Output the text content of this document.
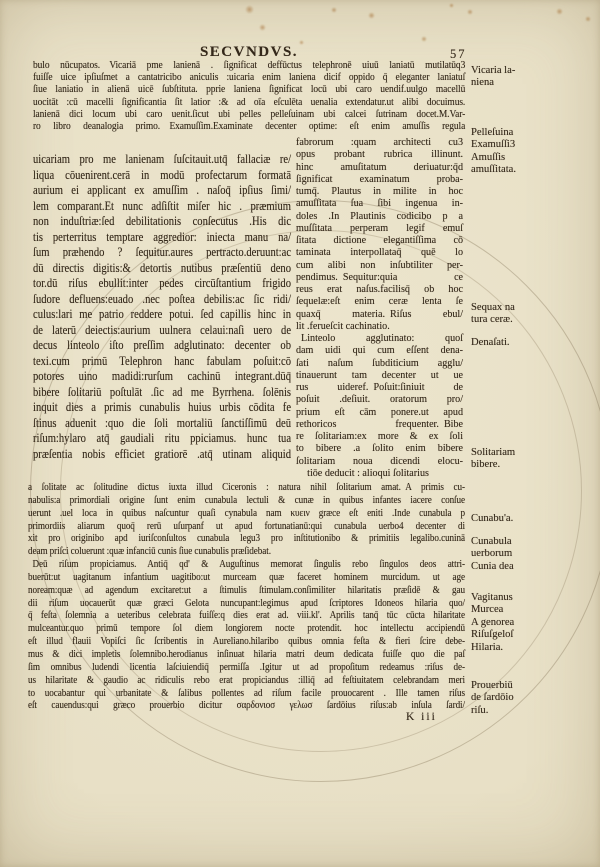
SECVNDVS.	57
bulo nūcupatos. Vicariā pme lanienā . ſignificat deffūctus telephronē uiuū laniatū mutilatūq3
fuiſſe uice ipſiuſmet a cantatricibo aniculis :uicaria enim laniena dicif oppido q̄ eleganter laniatuſ
ſiue laniatio in alienā uicē ſubſtituta. pprie laniena ſignificat locū ubi caro uendif.uulgo macellū
uocitāt :cū macelli ſignificantia ſit latior :& ad oīa eſculēta uenalia extendatur.ut alibi docuimus.
lanienā dici locum ubi caro uenit.ſicut ubi pelles pelleſuinam ubi calcei ſutrinam docet.M.Var-
ro libro deanalogia primo. Examuſſim.Examinate decenter optime: eſt enim amuſſis regula
uicariam pro me lanienam ſuſcitauit.utq̄ fallaciæ re/
liqua cōuenirent.cerā in modū profectarum formatā
aurium ei applicant ex amuſſim . naſoq̄ ipſius ſimi/
lem comparant.Et nunc adſiſtit miſer hic . præmium
non induſtriæ:ſed debilitationis conſecutus .His dic
tis perterritus temptare aggredior: iniecta manu na/
ſum præhendo ? ſequitur.aures pertracto.deruunt:ac
dū directis digitis:& detortis nutibus præſentiū deno
tor.dū riſus ebullit:inter pedes circūſtantium frigido
ſudore defluens:euado .nec poſtea debilis:ac ſic ridi/
culus:lari me patrio reddere potui. ſed capillis hinc in
de laterū deiectis:aurium uulnera celaui:naſi uero de
decus linteolo iſto preſſim adglutinato: decenter ob
texi.cum primū Telephron hanc fabulam poſuit:cō
potores uino madidi:rurſum cachinū integrant.dūq̄
bibere ſolitariū poſtulāt .ſic ad me Byrrhena. ſolēnis
inquit dies a primis cunabulis huius urbis cōdita fe
ſtinus aduenit :quo die ſoli mortaliū ſanctiſſimū deū
riſum:hylaro atq̄ gaudiali ritu ppiciamus. hunc tua
præſentia nobis efficiet gratiorē .atq̄ utinam aliquid
fabrorum :quam architecti cu3
opus probant rubrica illinunt.
hinc amuſitatum deriuatur:q̄d
ſignificat examinatum proba-
tumq̄. Plautus in milite in hoc
amuſſitata ſua ſibi ingenua in-
doles .In Plautinis codicibo p a
muſſitata perperam legif emuſ
ſitata dictione elegantiſſima cō
taminata interpollataq̄ quē lo
cum alibi non inſubtiliter per-
pendimus. Sequitur:quia ce
reus erat naſus.facilisq̄ ob hoc
ſequelæ:eſt enim ceræ lenta ſe
quaxq̄ materia. Riſus ebul/
lit .ferueſcit cachinatio.
 Linteolo agglutinato: quoſ
dam uidi qui cum eſſent dena-
ſati naſum ſubditicium agglu/
tinauerunt tam decenter ut ue
rus uideref. Poſuit:ſiniuit de
poſuit .deſiuit. oratorum pro/
prium eſt cām ponere.ut apud
rethoricos frequenter. Bibe
re ſolitariam:ex more & ex ſoli
to bibere .a ſolito enim bibere
ſolitariam noua dicendi elocu-
tiōe deducit : alioqui ſolitarius
a ſolitate ac ſolitudine dictus iuxta illud Ciceronis : natura nihil ſolitarium amat. A primis cu-
nabulis:a primordiali origine ſunt enim cunabula lectuli & cunæ in quibus infantes iacere conſue
uerunt .uel loca in quibus naſcuntur quaſi cynabula nam κυειν græce eſt eniti .Inde cunabula p
primordiis aliarum quoq̄ rerū uſurpanf ut apud fortunatianū:qui cunabula uerbo4 decenter di
xit pro originibo apd iuriſconſultos cunabula legu3 pro inſtitutionibo & primitiis legalibo.cuninā
deam priſci coluerunt :quæ infanciū cunis ſiue cunabulis præſidebat.
 Deū riſum propiciamus. Antiq̄ qd' & Auguſtinus memorat ſingulis rebo ſingulos deos attri-
buerūt:ut uagitanum infantium uagitibo:ut murceam quæ faceret hominem murcidum. ut age
noream:quæ ad agendum excitaret:ut a ſtimulis ſtimulam.conſimiliter hilaritatis præſidē & gau
dii riſum uocauerūt quæ græci Gelota nuncupant:legimus apud ſcriptores Idoneos hilaria quo/
q̄ feſta ſolemnia a ueteribus celebrata fuiſſe:q dies erat ad. viii.kl'. Aprilis tanq̄ tūc cūcta hilaritate
mulceantur.quo primū tempore ſol diem longiorem nocte protendit. hoc intellectu accipiendū
eſt illud flauii Vopiſci ſic ſcribentis in Aureliano.hilaribo quibus omnia feſta & fieri ſcire debe-
mus & dici impletis ſolemnibo.herodianus inſinuat hilaria matri deum dedicata fuiſſe quo die paſ
ſim omnibus ludendi licentia laſciuiendiq̄ permiſſa .Igitur ut ad propoſitum redeamus :riſus de-
us hilaritate & gaudio ac ridiculis rebo erat propiciandus :illiq̄ ad feſtiuitatem celebrandam meri
to uocabantur qui urbanitate & ſalibus pollentes ad riſum facile prouocarent . Ille tamen riſus
eſt cauendus:qui græco prouerbio dicitur σαρδονιοσ γελωσ ſardōius riſus:ab inſula ſardi/
K iii
Vicaria la-
niena
Pelleſuina
Examuſſi3
Amuſſis
amuſſitata.
Sequax na
tura ceræ.
Denaſati.
Solitariam
bibere.
Cunabu'a.
Cunabula
uerborum
Cunia dea
Vagitanus
Murcea
A genorea
Riſuſgeloſ
Hilaria.
Prouerbiū
de ſardōio
riſu.
